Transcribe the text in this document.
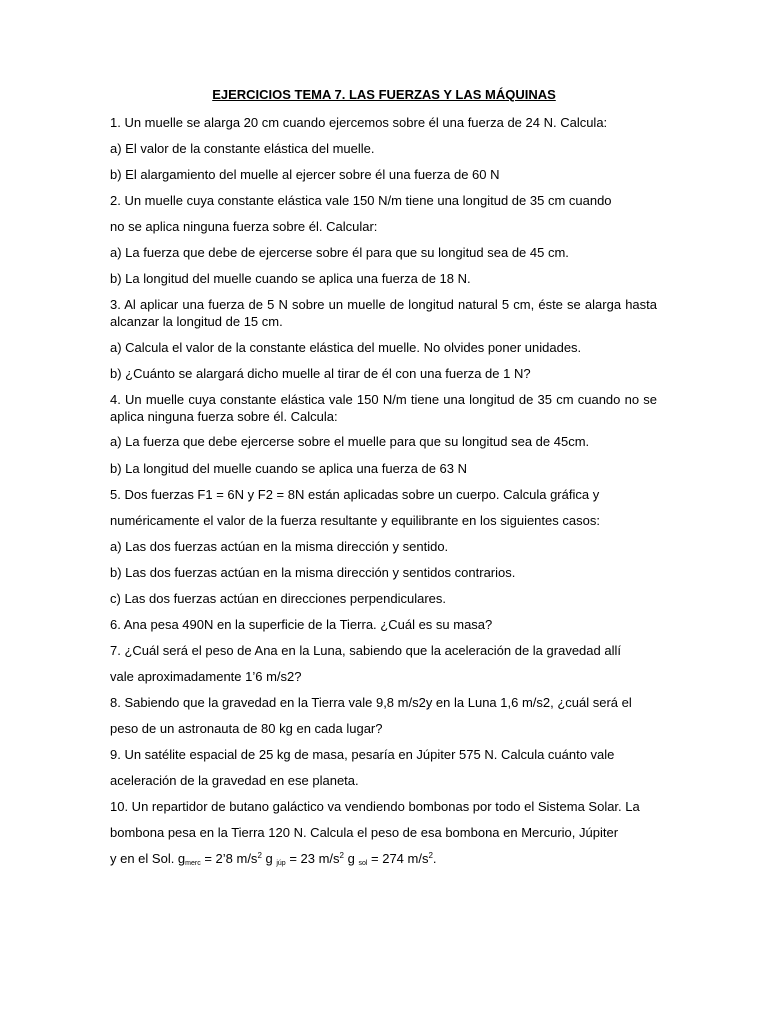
EJERCICIOS TEMA 7. LAS FUERZAS Y LAS MÁQUINAS
1. Un muelle se alarga 20 cm cuando ejercemos sobre él una fuerza de 24 N. Calcula:
a) El valor de la constante elástica del muelle.
b) El alargamiento del muelle al ejercer sobre él una fuerza de 60 N
2. Un muelle cuya constante elástica vale 150 N/m tiene una longitud de 35 cm cuando
no se aplica ninguna fuerza sobre él. Calcular:
a) La fuerza que debe de ejercerse sobre él para que su longitud sea de 45 cm.
b) La longitud del muelle cuando se aplica una fuerza de 18 N.
3. Al aplicar una fuerza de 5 N sobre un muelle de longitud natural 5 cm, éste se alarga hasta alcanzar la longitud de 15 cm.
a) Calcula el valor de la constante elástica del muelle. No olvides poner unidades.
b) ¿Cuánto se alargará dicho muelle al tirar de él con una fuerza de 1 N?
4. Un muelle cuya constante elástica vale 150 N/m tiene una longitud de 35 cm cuando no se aplica ninguna fuerza sobre él. Calcula:
a) La fuerza que debe ejercerse sobre el muelle para que su longitud sea de 45cm.
b) La longitud del muelle cuando se aplica una fuerza de 63 N
5. Dos fuerzas F1 = 6N y F2 = 8N están aplicadas sobre un cuerpo. Calcula gráfica y
numéricamente el valor de la fuerza resultante y equilibrante en los siguientes casos:
a) Las dos fuerzas actúan en la misma dirección y sentido.
b) Las dos fuerzas actúan en la misma dirección y sentidos contrarios.
c) Las dos fuerzas actúan en direcciones perpendiculares.
6. Ana pesa 490N en la superficie de la Tierra. ¿Cuál es su masa?
7. ¿Cuál será el peso de Ana en la Luna, sabiendo que la aceleración de la gravedad allí
vale aproximadamente 1’6 m/s2?
8. Sabiendo que la gravedad en la Tierra vale 9,8 m/s2y en la Luna 1,6 m/s2, ¿cuál será el
peso de un astronauta de 80 kg en cada lugar?
9. Un satélite espacial de 25 kg de masa, pesaría en Júpiter 575 N. Calcula cuánto vale
aceleración de la gravedad en ese planeta.
10. Un repartidor de butano galáctico va vendiendo bombonas por todo el Sistema Solar. La
bombona pesa en la Tierra 120 N. Calcula el peso de esa bombona en Mercurio, Júpiter
y en el Sol. $g_{merc}$ = 2’8 $m/s^2$ g $_{júp}$ = 23 $m/s^2$ g $_{sol}$ = 274 $m/s^2$.
